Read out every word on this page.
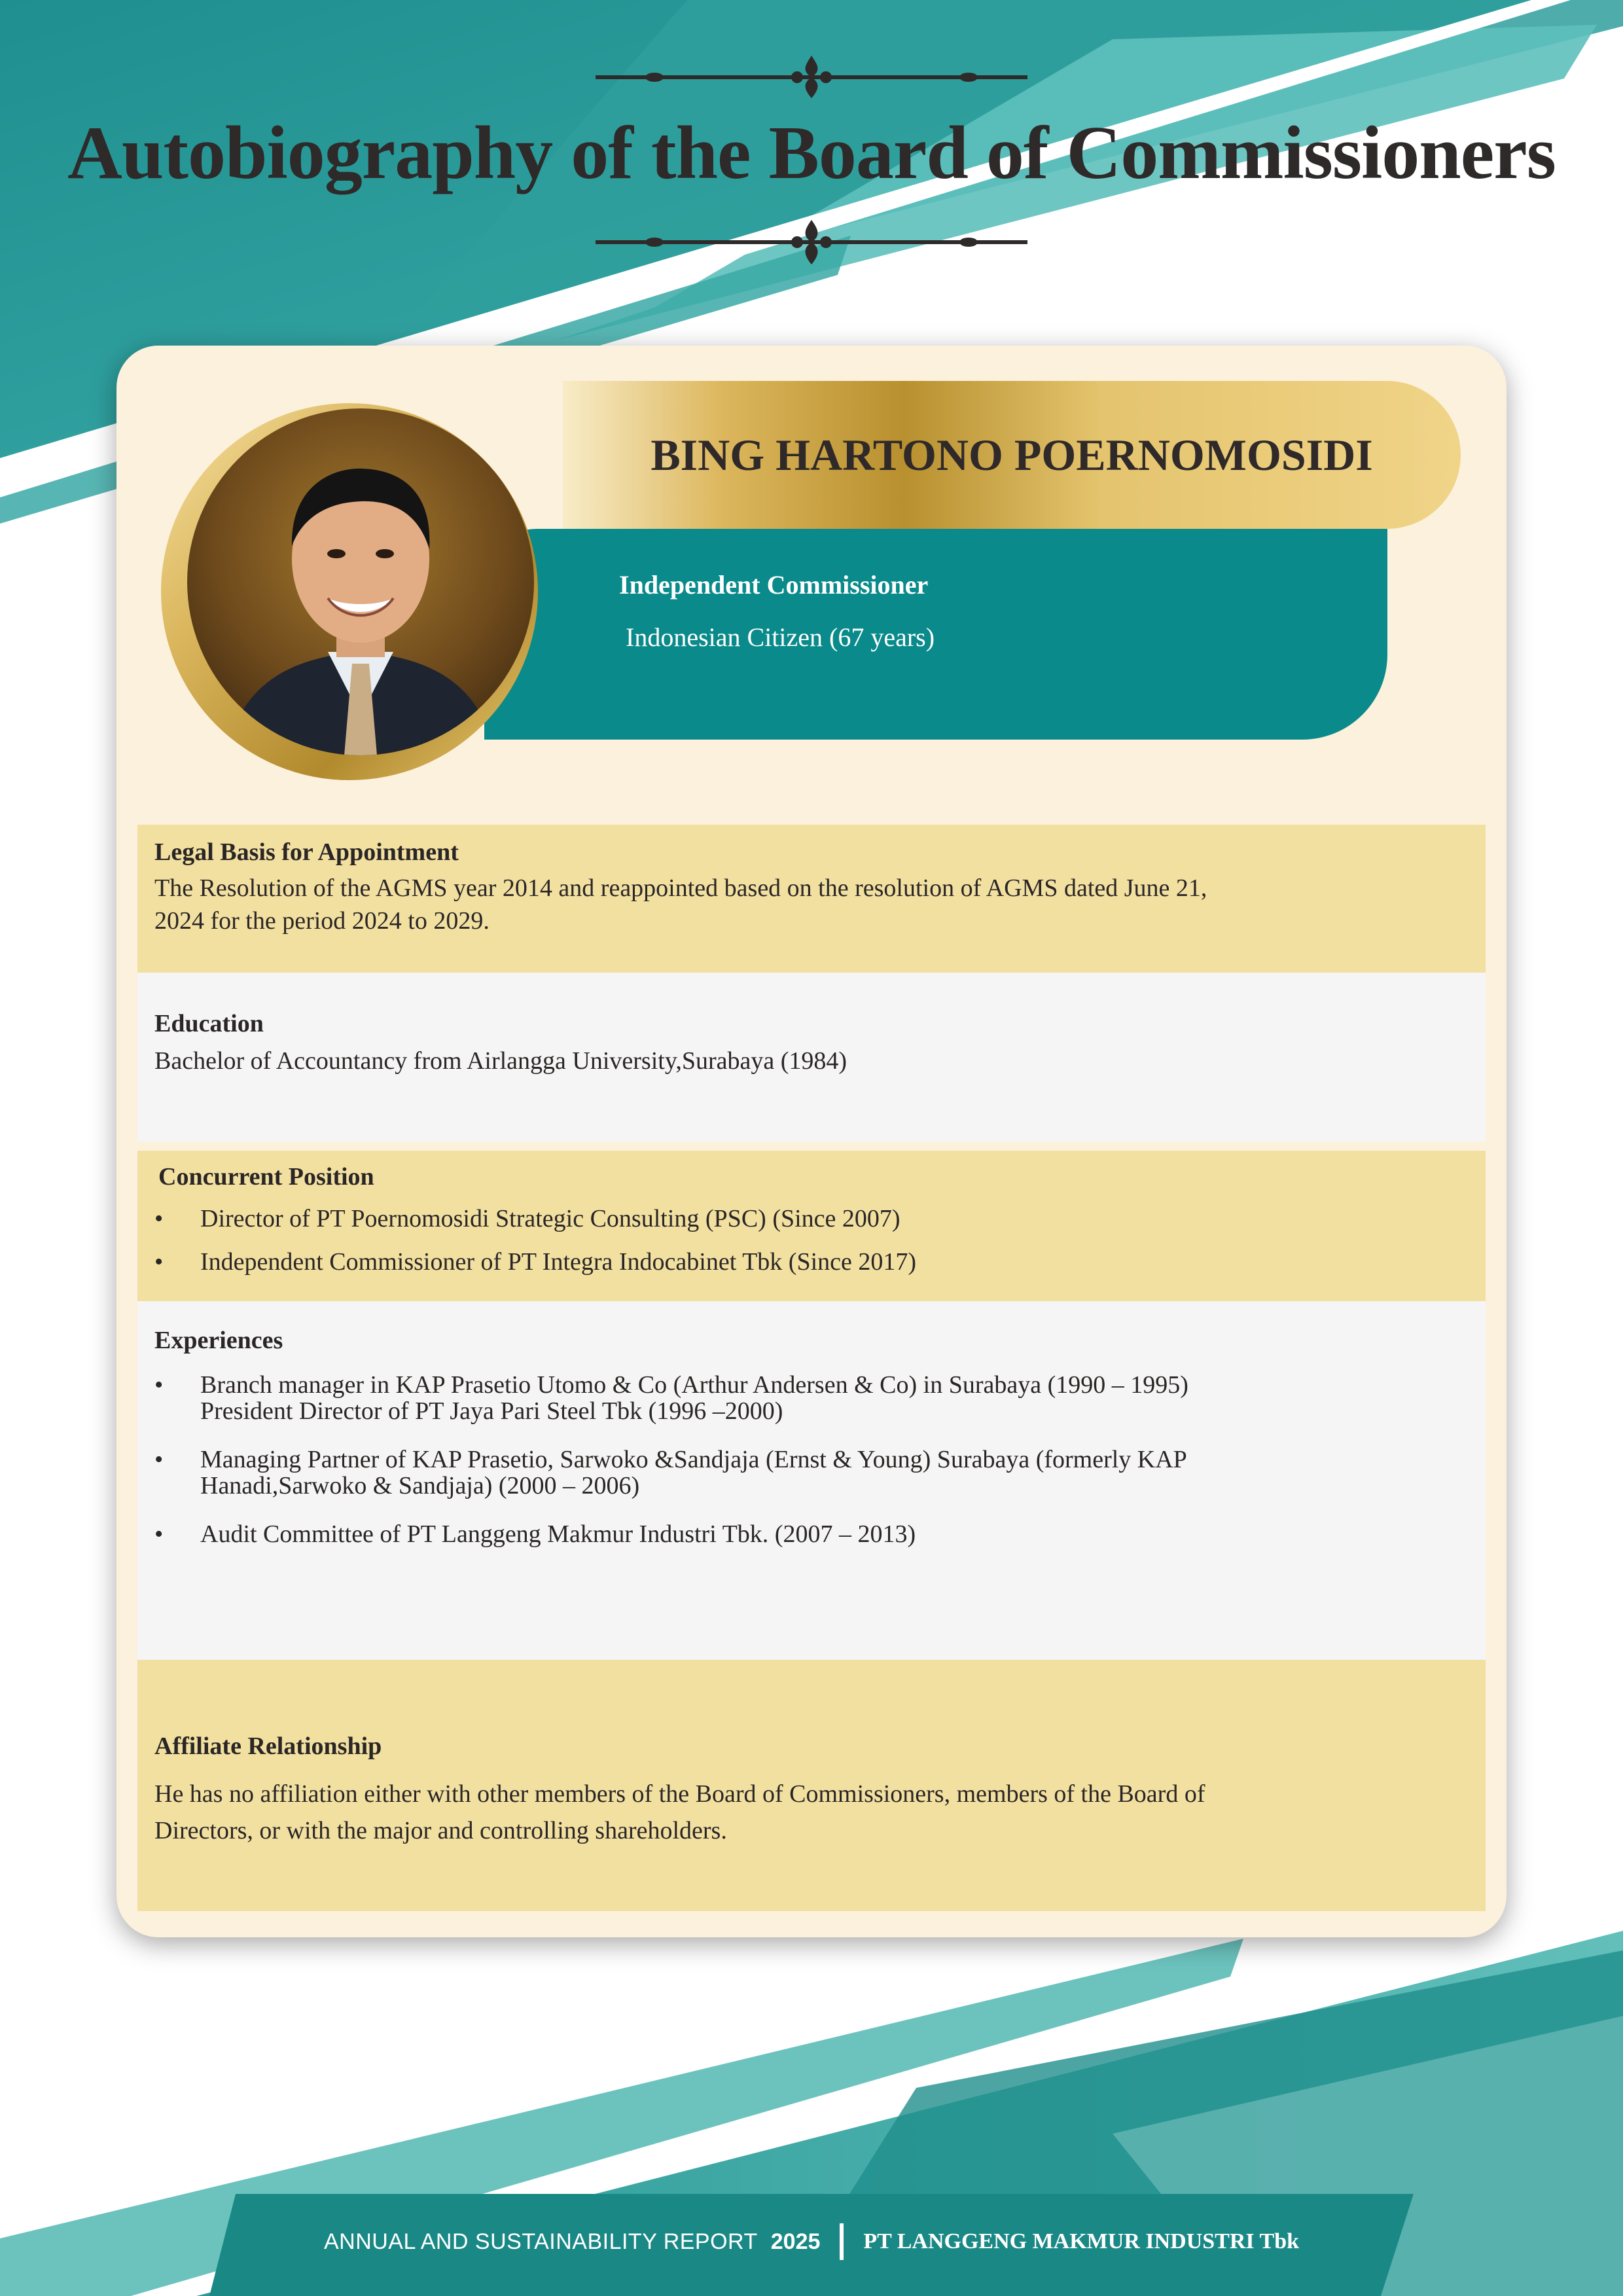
Autobiography of the Board of Commissioners
BING HARTONO POERNOMOSIDI
Independent Commissioner
Indonesian Citizen (67 years)
Legal Basis for Appointment
The Resolution of the AGMS year 2014 and reappointed based on the resolution of AGMS dated June 21,
2024 for the period 2024 to 2029.
Education
Bachelor of Accountancy from Airlangga University,Surabaya (1984)
Concurrent Position
• Director of PT Poernomosidi Strategic Consulting (PSC) (Since 2007)
• Independent Commissioner of PT Integra Indocabinet Tbk (Since 2017)
Experiences
• Branch manager in KAP Prasetio Utomo & Co (Arthur Andersen & Co) in Surabaya (1990 – 1995)
President Director of PT Jaya Pari Steel Tbk (1996 –2000)
• Managing Partner of KAP Prasetio, Sarwoko &Sandjaja (Ernst & Young) Surabaya (formerly KAP
Hanadi,Sarwoko & Sandjaja) (2000 – 2006)
• Audit Committee of PT Langgeng Makmur Industri Tbk. (2007 – 2013)
Affiliate Relationship
He has no affiliation either with other members of the Board of Commissioners, members of the Board of
Directors, or with the major and controlling shareholders.
ANNUAL AND SUSTAINABILITY REPORT 2025 PT LANGGENG MAKMUR INDUSTRI Tbk
